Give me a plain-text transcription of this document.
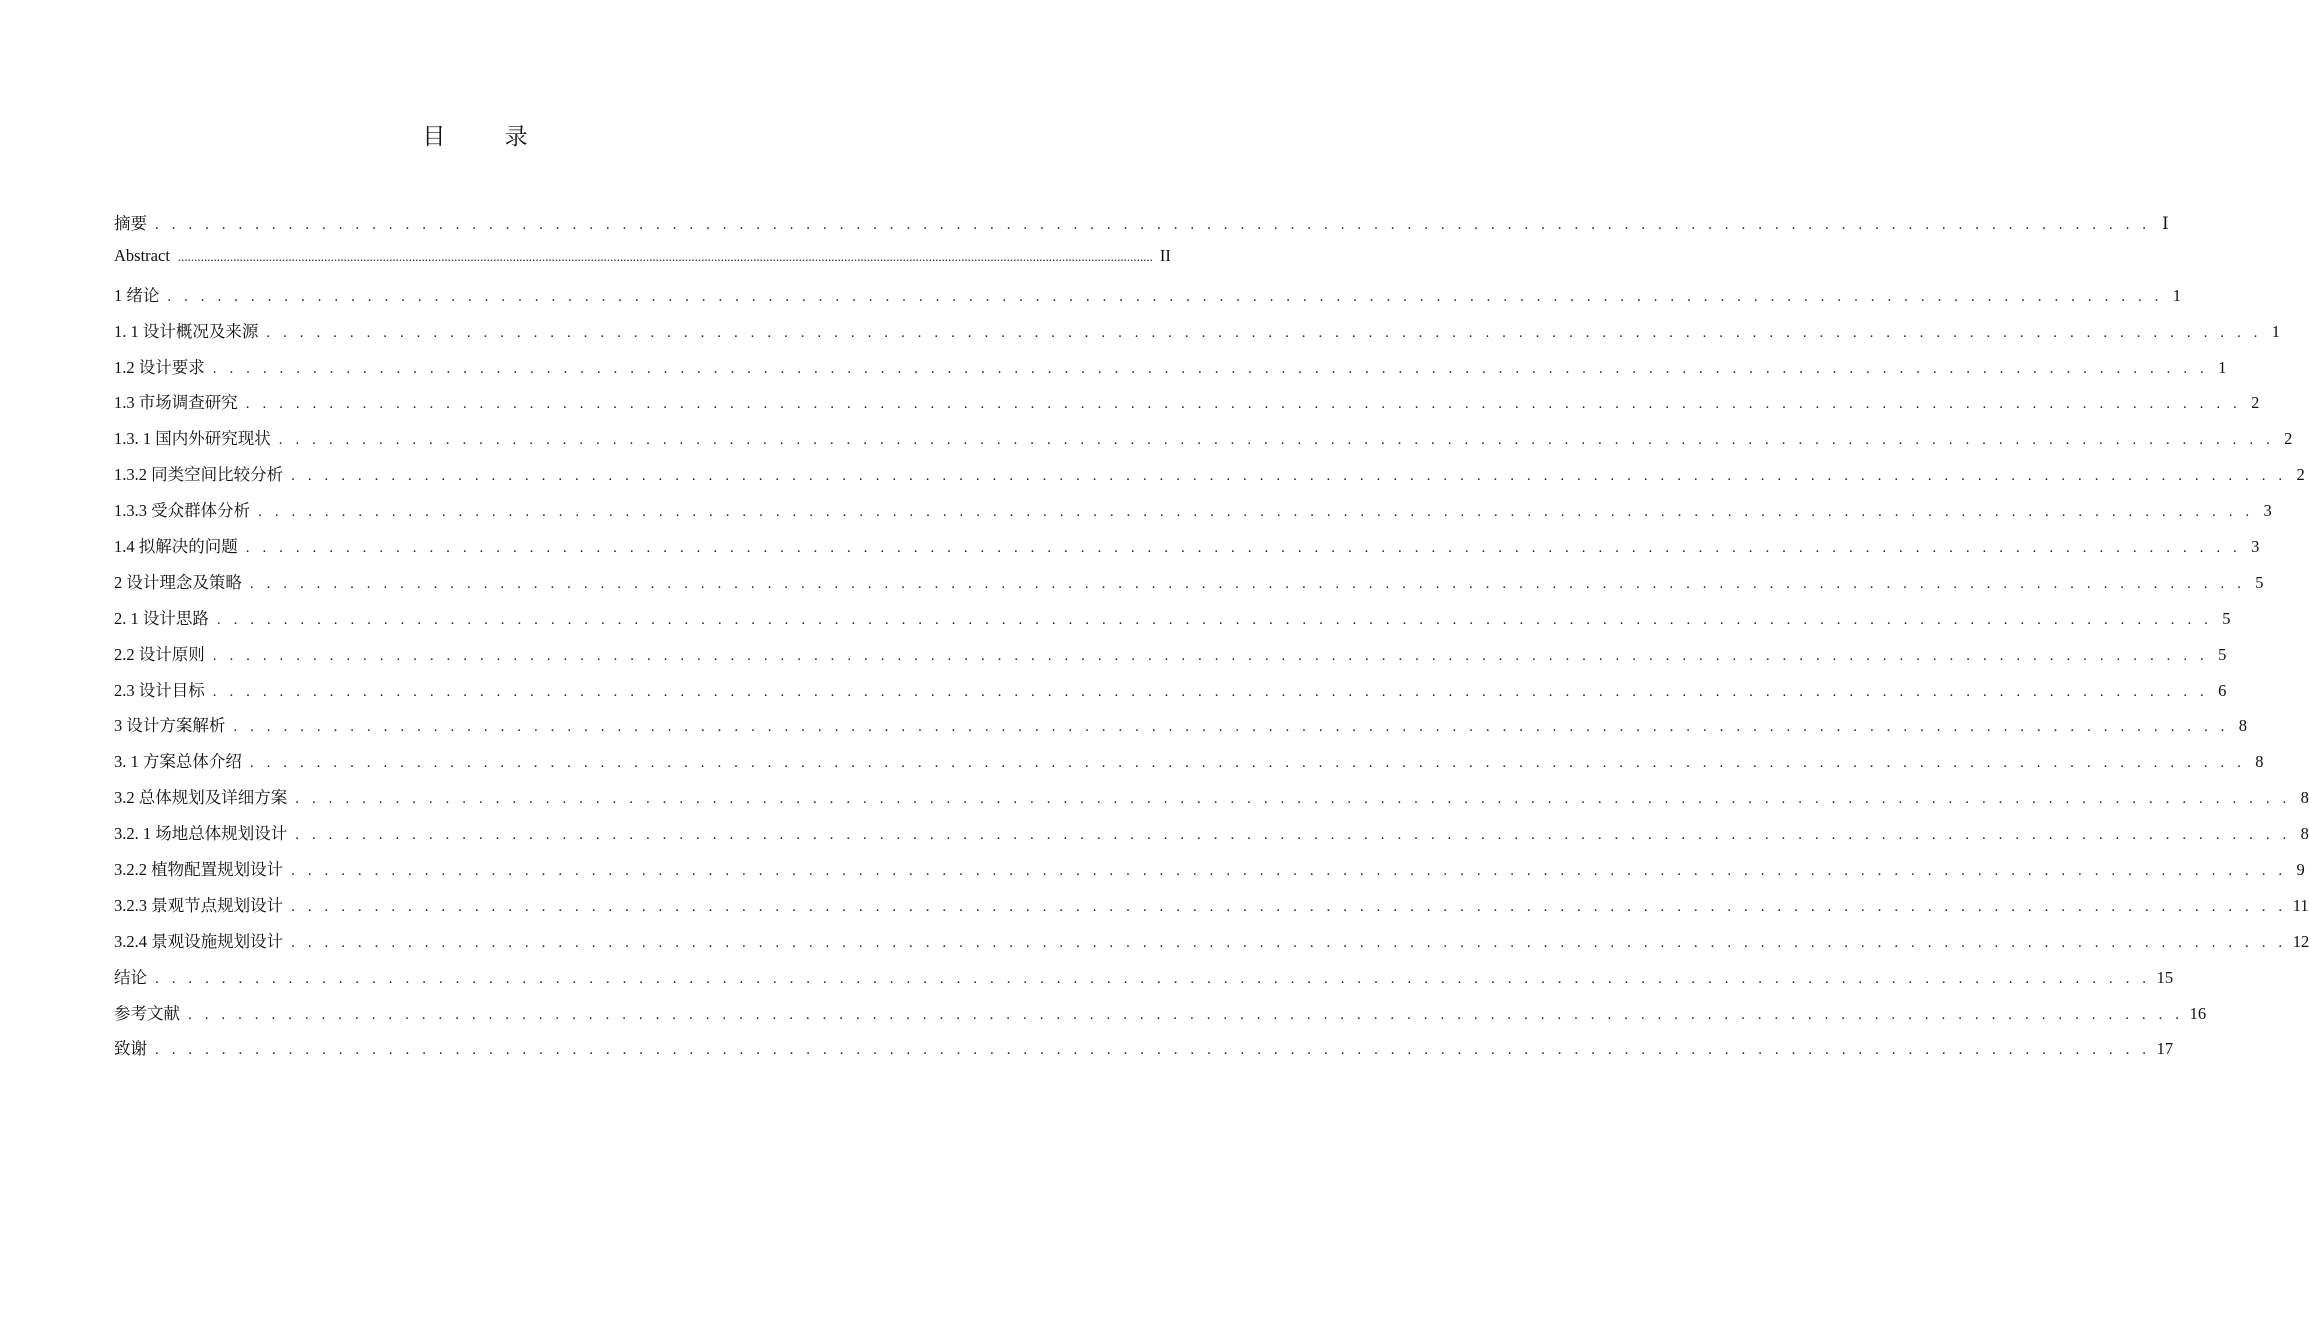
目 录
摘要 . . . . . . . . . . . . . . . . . . . . . . . . . . . . . . . . . . . . . . . . . . . . . . . . . . . . . . . . . . . . . . . . . . . . . . . . . . . . . . . . . . . . . . . . . . . . . . . . . . . . . . . . . . . . . . . . . . . . . . . . Ⅰ
Abstract ............................................................................................................................................................................................................................................................................................................ II
1 绪论 . . . . . . . . . . . . . . . . . . . . . . . . . . . . . . . . . . . . . . . . . . . . . . . . . . . . . . . . . . . . . . . . . . . . . . . . . . . . . . . . . . . . . . . . . . . . . . . . . . . . . . . . . . . . . . . . . . . . . . . . 1
1. 1 设计概况及来源 . . . . . . . . . . . . . . . . . . . . . . . . . . . . . . . . . . . . . . . . . . . . . . . . . . . . . . . . . . . . . . . . . . . . . . . . . . . . . . . . . . . . . . . . . . . . . . . . . . . . . . . . . . . . . . . . . . . . . . . . 1
1.2 设计要求 . . . . . . . . . . . . . . . . . . . . . . . . . . . . . . . . . . . . . . . . . . . . . . . . . . . . . . . . . . . . . . . . . . . . . . . . . . . . . . . . . . . . . . . . . . . . . . . . . . . . . . . . . . . . . . . . . . . . . . . . 1
1.3 市场调查研究 . . . . . . . . . . . . . . . . . . . . . . . . . . . . . . . . . . . . . . . . . . . . . . . . . . . . . . . . . . . . . . . . . . . . . . . . . . . . . . . . . . . . . . . . . . . . . . . . . . . . . . . . . . . . . . . . . . . . . . . . 2
1.3. 1 国内外研究现状 . . . . . . . . . . . . . . . . . . . . . . . . . . . . . . . . . . . . . . . . . . . . . . . . . . . . . . . . . . . . . . . . . . . . . . . . . . . . . . . . . . . . . . . . . . . . . . . . . . . . . . . . . . . . . . . . . . . . . . . . 2
1.3.2 同类空间比较分析 . . . . . . . . . . . . . . . . . . . . . . . . . . . . . . . . . . . . . . . . . . . . . . . . . . . . . . . . . . . . . . . . . . . . . . . . . . . . . . . . . . . . . . . . . . . . . . . . . . . . . . . . . . . . . . . . . . . . . . . . 2
1.3.3 受众群体分析 . . . . . . . . . . . . . . . . . . . . . . . . . . . . . . . . . . . . . . . . . . . . . . . . . . . . . . . . . . . . . . . . . . . . . . . . . . . . . . . . . . . . . . . . . . . . . . . . . . . . . . . . . . . . . . . . . . . . . . . . 3
1.4 拟解决的问题 . . . . . . . . . . . . . . . . . . . . . . . . . . . . . . . . . . . . . . . . . . . . . . . . . . . . . . . . . . . . . . . . . . . . . . . . . . . . . . . . . . . . . . . . . . . . . . . . . . . . . . . . . . . . . . . . . . . . . . . . 3
2 设计理念及策略 . . . . . . . . . . . . . . . . . . . . . . . . . . . . . . . . . . . . . . . . . . . . . . . . . . . . . . . . . . . . . . . . . . . . . . . . . . . . . . . . . . . . . . . . . . . . . . . . . . . . . . . . . . . . . . . . . . . . . . . . 5
2. 1 设计思路 . . . . . . . . . . . . . . . . . . . . . . . . . . . . . . . . . . . . . . . . . . . . . . . . . . . . . . . . . . . . . . . . . . . . . . . . . . . . . . . . . . . . . . . . . . . . . . . . . . . . . . . . . . . . . . . . . . . . . . . . 5
2.2 设计原则 . . . . . . . . . . . . . . . . . . . . . . . . . . . . . . . . . . . . . . . . . . . . . . . . . . . . . . . . . . . . . . . . . . . . . . . . . . . . . . . . . . . . . . . . . . . . . . . . . . . . . . . . . . . . . . . . . . . . . . . . 5
2.3 设计目标 . . . . . . . . . . . . . . . . . . . . . . . . . . . . . . . . . . . . . . . . . . . . . . . . . . . . . . . . . . . . . . . . . . . . . . . . . . . . . . . . . . . . . . . . . . . . . . . . . . . . . . . . . . . . . . . . . . . . . . . . 6
3 设计方案解析 . . . . . . . . . . . . . . . . . . . . . . . . . . . . . . . . . . . . . . . . . . . . . . . . . . . . . . . . . . . . . . . . . . . . . . . . . . . . . . . . . . . . . . . . . . . . . . . . . . . . . . . . . . . . . . . . . . . . . . . . 8
3. 1 方案总体介绍 . . . . . . . . . . . . . . . . . . . . . . . . . . . . . . . . . . . . . . . . . . . . . . . . . . . . . . . . . . . . . . . . . . . . . . . . . . . . . . . . . . . . . . . . . . . . . . . . . . . . . . . . . . . . . . . . . . . . . . . . 8
3.2 总体规划及详细方案 . . . . . . . . . . . . . . . . . . . . . . . . . . . . . . . . . . . . . . . . . . . . . . . . . . . . . . . . . . . . . . . . . . . . . . . . . . . . . . . . . . . . . . . . . . . . . . . . . . . . . . . . . . . . . . . . . . . . . . . . 8
3.2. 1 场地总体规划设计 . . . . . . . . . . . . . . . . . . . . . . . . . . . . . . . . . . . . . . . . . . . . . . . . . . . . . . . . . . . . . . . . . . . . . . . . . . . . . . . . . . . . . . . . . . . . . . . . . . . . . . . . . . . . . . . . . . . . . . . . 8
3.2.2 植物配置规划设计 . . . . . . . . . . . . . . . . . . . . . . . . . . . . . . . . . . . . . . . . . . . . . . . . . . . . . . . . . . . . . . . . . . . . . . . . . . . . . . . . . . . . . . . . . . . . . . . . . . . . . . . . . . . . . . . . . . . . . . . . 9
3.2.3 景观节点规划设计 . . . . . . . . . . . . . . . . . . . . . . . . . . . . . . . . . . . . . . . . . . . . . . . . . . . . . . . . . . . . . . . . . . . . . . . . . . . . . . . . . . . . . . . . . . . . . . . . . . . . . . . . . . . . . . . . . . . . . . . . 11
3.2.4 景观设施规划设计 . . . . . . . . . . . . . . . . . . . . . . . . . . . . . . . . . . . . . . . . . . . . . . . . . . . . . . . . . . . . . . . . . . . . . . . . . . . . . . . . . . . . . . . . . . . . . . . . . . . . . . . . . . . . . . . . . . . . . . . . 12
结论 . . . . . . . . . . . . . . . . . . . . . . . . . . . . . . . . . . . . . . . . . . . . . . . . . . . . . . . . . . . . . . . . . . . . . . . . . . . . . . . . . . . . . . . . . . . . . . . . . . . . . . . . . . . . . . . . . . . . . . . . 15
参考文献 . . . . . . . . . . . . . . . . . . . . . . . . . . . . . . . . . . . . . . . . . . . . . . . . . . . . . . . . . . . . . . . . . . . . . . . . . . . . . . . . . . . . . . . . . . . . . . . . . . . . . . . . . . . . . . . . . . . . . . . . 16
致谢 . . . . . . . . . . . . . . . . . . . . . . . . . . . . . . . . . . . . . . . . . . . . . . . . . . . . . . . . . . . . . . . . . . . . . . . . . . . . . . . . . . . . . . . . . . . . . . . . . . . . . . . . . . . . . . . . . . . . . . . . 17
